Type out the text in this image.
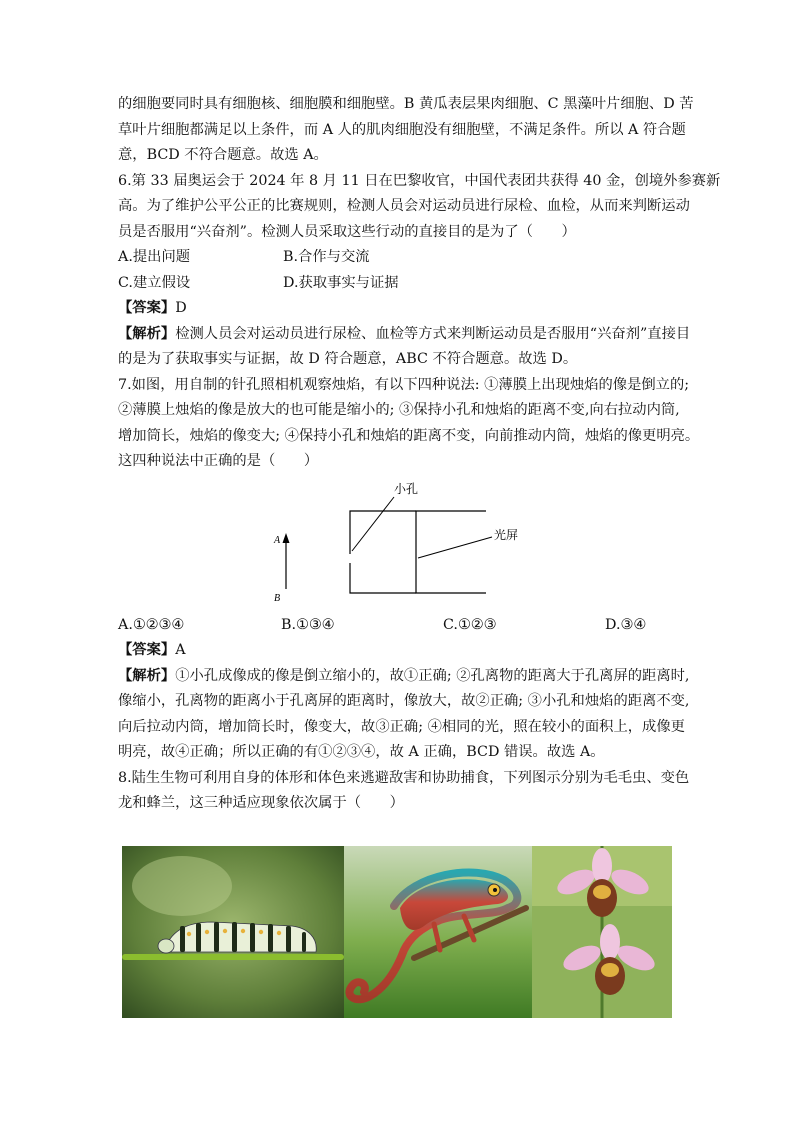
的细胞要同时具有细胞核、细胞膜和细胞壁。B 黄瓜表层果肉细胞、C 黑藻叶片细胞、D 苦

草叶片细胞都满足以上条件，而 A 人的肌肉细胞没有细胞壁，不满足条件。所以 A 符合题

意，BCD 不符合题意。故选 A。

6.第 33 届奥运会于 2024 年 8 月 11 日在巴黎收官，中国代表团共获得 40 金，创境外参赛新

高。为了维护公平公正的比赛规则，检测人员会对运动员进行尿检、血检，从而来判断运动

员是否服用“兴奋剂”。检测人员采取这些行动的直接目的是为了（　　）

A.提出问题	B.合作与交流
C.建立假设	D.获取事实与证据

【答案】D

【解析】检测人员会对运动员进行尿检、血检等方式来判断运动员是否服用“兴奋剂”直接目

的是为了获取事实与证据，故 D 符合题意，ABC 不符合题意。故选 D。

7.如图，用自制的针孔照相机观察烛焰，有以下四种说法: ①薄膜上出现烛焰的像是倒立的;

②薄膜上烛焰的像是放大的也可能是缩小的; ③保持小孔和烛焰的距离不变,向右拉动内筒,

增加筒长，烛焰的像变大; ④保持小孔和烛焰的距离不变，向前推动内筒，烛焰的像更明亮。

这四种说法中正确的是（　　）

A
B
小孔
光屏
A.①②③④	B.①③④	C.①②③	D.③④

【答案】A

【解析】①小孔成像成的像是倒立缩小的，故①正确; ②孔离物的距离大于孔离屏的距离时,

像缩小，孔离物的距离小于孔离屏的距离时，像放大，故②正确; ③小孔和烛焰的距离不变,

向后拉动内筒，增加筒长时，像变大，故③正确; ④相同的光，照在较小的面积上，成像更

明亮，故④正确；所以正确的有①②③④，故 A 正确，BCD 错误。故选 A。

8.陆生生物可利用自身的体形和体色来逃避敌害和协助捕食，下列图示分别为毛毛虫、变色

龙和蜂兰，这三种适应现象依次属于（　　）
